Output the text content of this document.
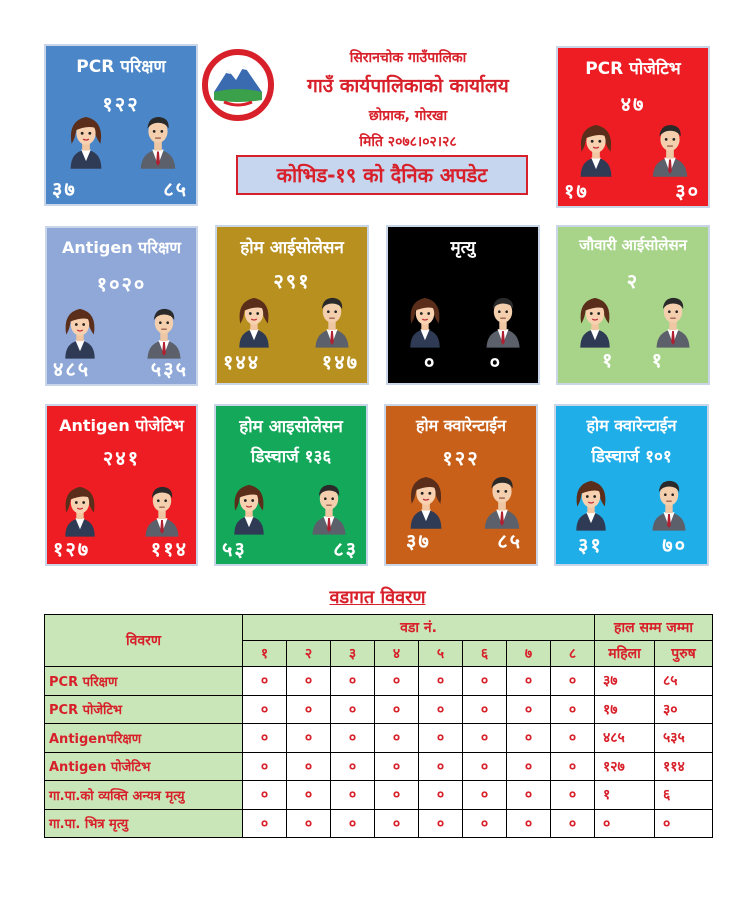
सिरानचोक गाउँपालिका
गाउँ कार्यपालिकाको कार्यालय
छोप्राक, गोरखा
मिति २०७८।०२।२८
कोभिड-१९ को दैनिक अपडेट
PCR परिक्षण
१२२
३७	८५
PCR पोजेटिभ
४७
१७	३०
Antigen परिक्षण
१०२०
४८५	५३५
होम आईसोलेसन
२९१
१४४	१४७
मृत्यु
०	०
जौवारी आईसोलेसन
२
१ १
Antigen पोजेटिभ
२४१
१२७	११४
होम आइसोलेसन
डिस्चार्ज १३६
५३	८३
होम क्वारेन्टाईन
१२२
३७	८५
होम क्वारेन्टाईन
डिस्चार्ज १०१
३१	७०
वडागत विवरण
विवरण	वडा नं.								हाल सम्म जम्मा	
	१	२	३	४	५	६	७	८	महिला	पुरुष
PCR परिक्षण	०	०	०	०	०	०	०	०	३७	८५
PCR पोजेटिभ	०	०	०	०	०	०	०	०	१७	३०
Antigenपरिक्षण	०	०	०	०	०	०	०	०	४८५	५३५
Antigen पोजेटिभ	०	०	०	०	०	०	०	०	१२७	११४
गा.पा.को व्यक्ति अन्यत्र मृत्यु	०	०	०	०	०	०	०	०	१	६
गा.पा. भित्र मृत्यु	०	०	०	०	०	०	०	०	०	०
